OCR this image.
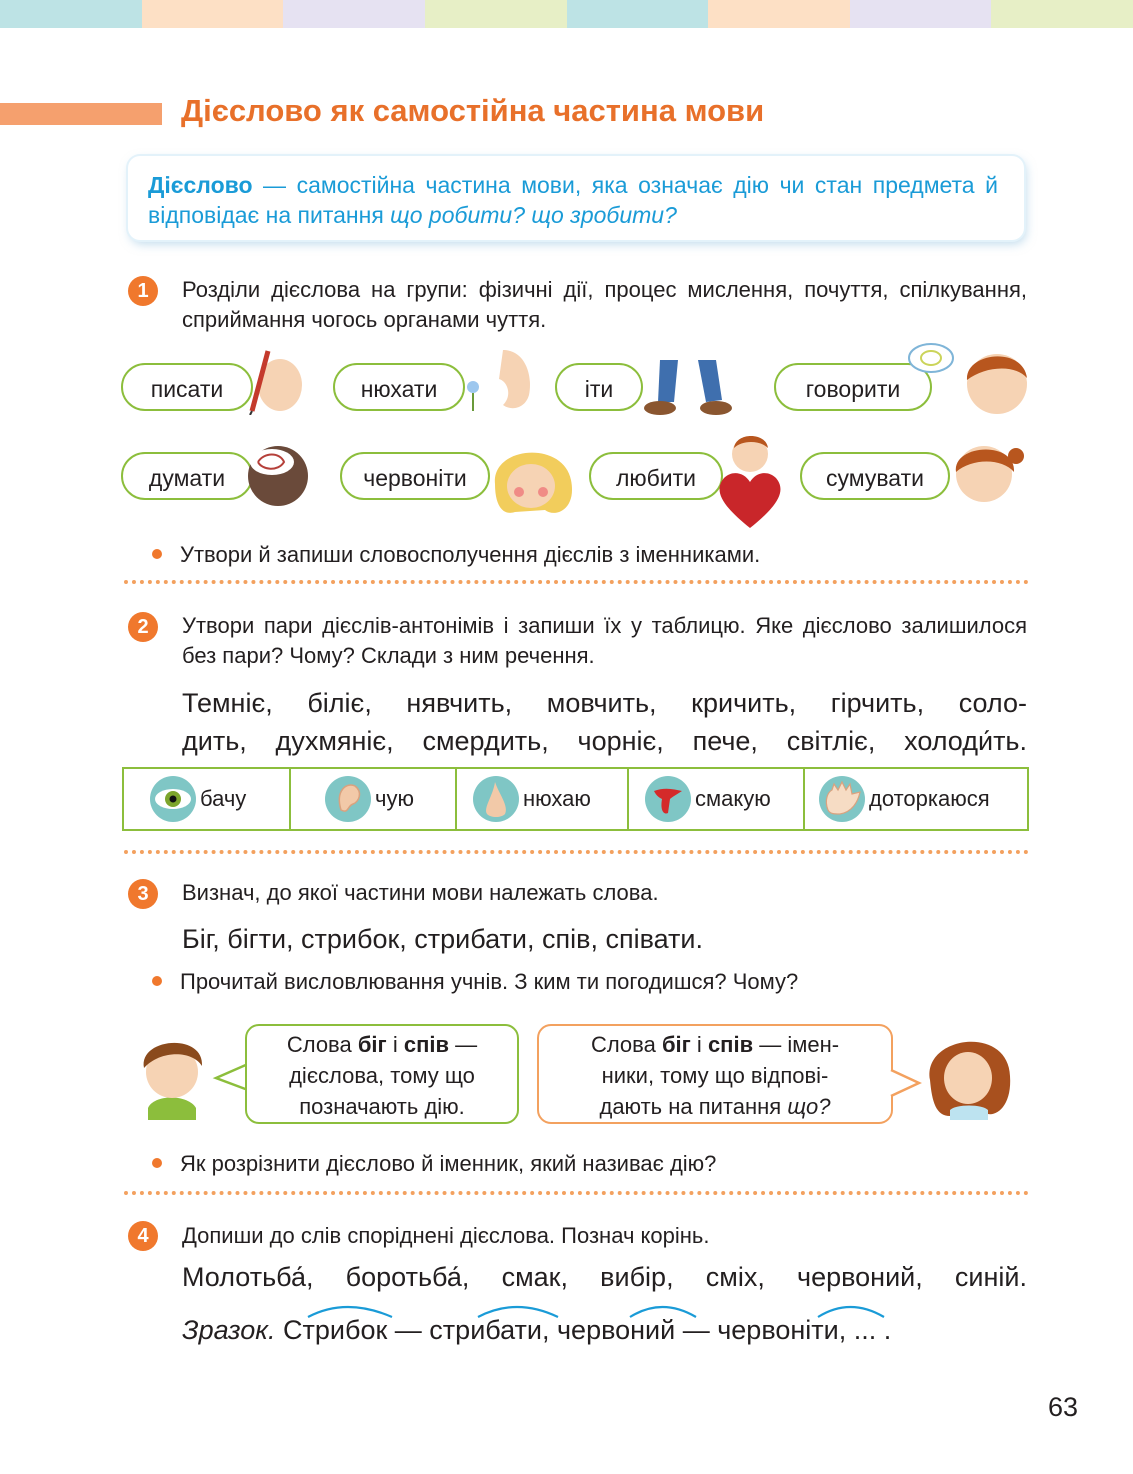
Дієслово як самостійна частина мови
Дієслово — самостійна частина мови, яка означає дію чи стан предмета й відповідає на питання що робити? що зробити?
1	Розділи дієслова на групи: фізичні дії, процес мислення, почуття, спілкування, сприймання чогось органами чуття.
писати	нюхати	іти	говорити
думати	червоніти	любити	сумувати
Утвори й запиши словосполучення дієслів з іменниками.
2	Утвори пари дієслів-антонімів і запиши їх у таблицю. Яке дієслово залишилося без пари? Чому? Склади з ним речення.
Темніє, біліє, нявчить, мовчить, кричить, гірчить, соло-
дить, духмяніє, смердить, чорніє, пече, світліє, холоди́ть.
бачу	чую	нюхаю	смакую	доторкаюся
3	Визнач, до якої частини мови належать слова.
Біг, бігти, стрибок, стрибати, спів, співати.
Прочитай висловлювання учнів. З ким ти погодишся? Чому?
Слова біг і спів —
дієслова, тому що
позначають дію.
Слова біг і спів — імен-
ники, тому що відпові-
дають на питання що?
Як розрізнити дієслово й іменник, який називає дію?
4	Допиши до слів споріднені дієслова. Познач корінь.
Молотьба́, боротьба́, смак, вибір, сміх, червоний, синій.
Зразок. Стрибок — стрибати, червоний — червоніти, ... .
63
